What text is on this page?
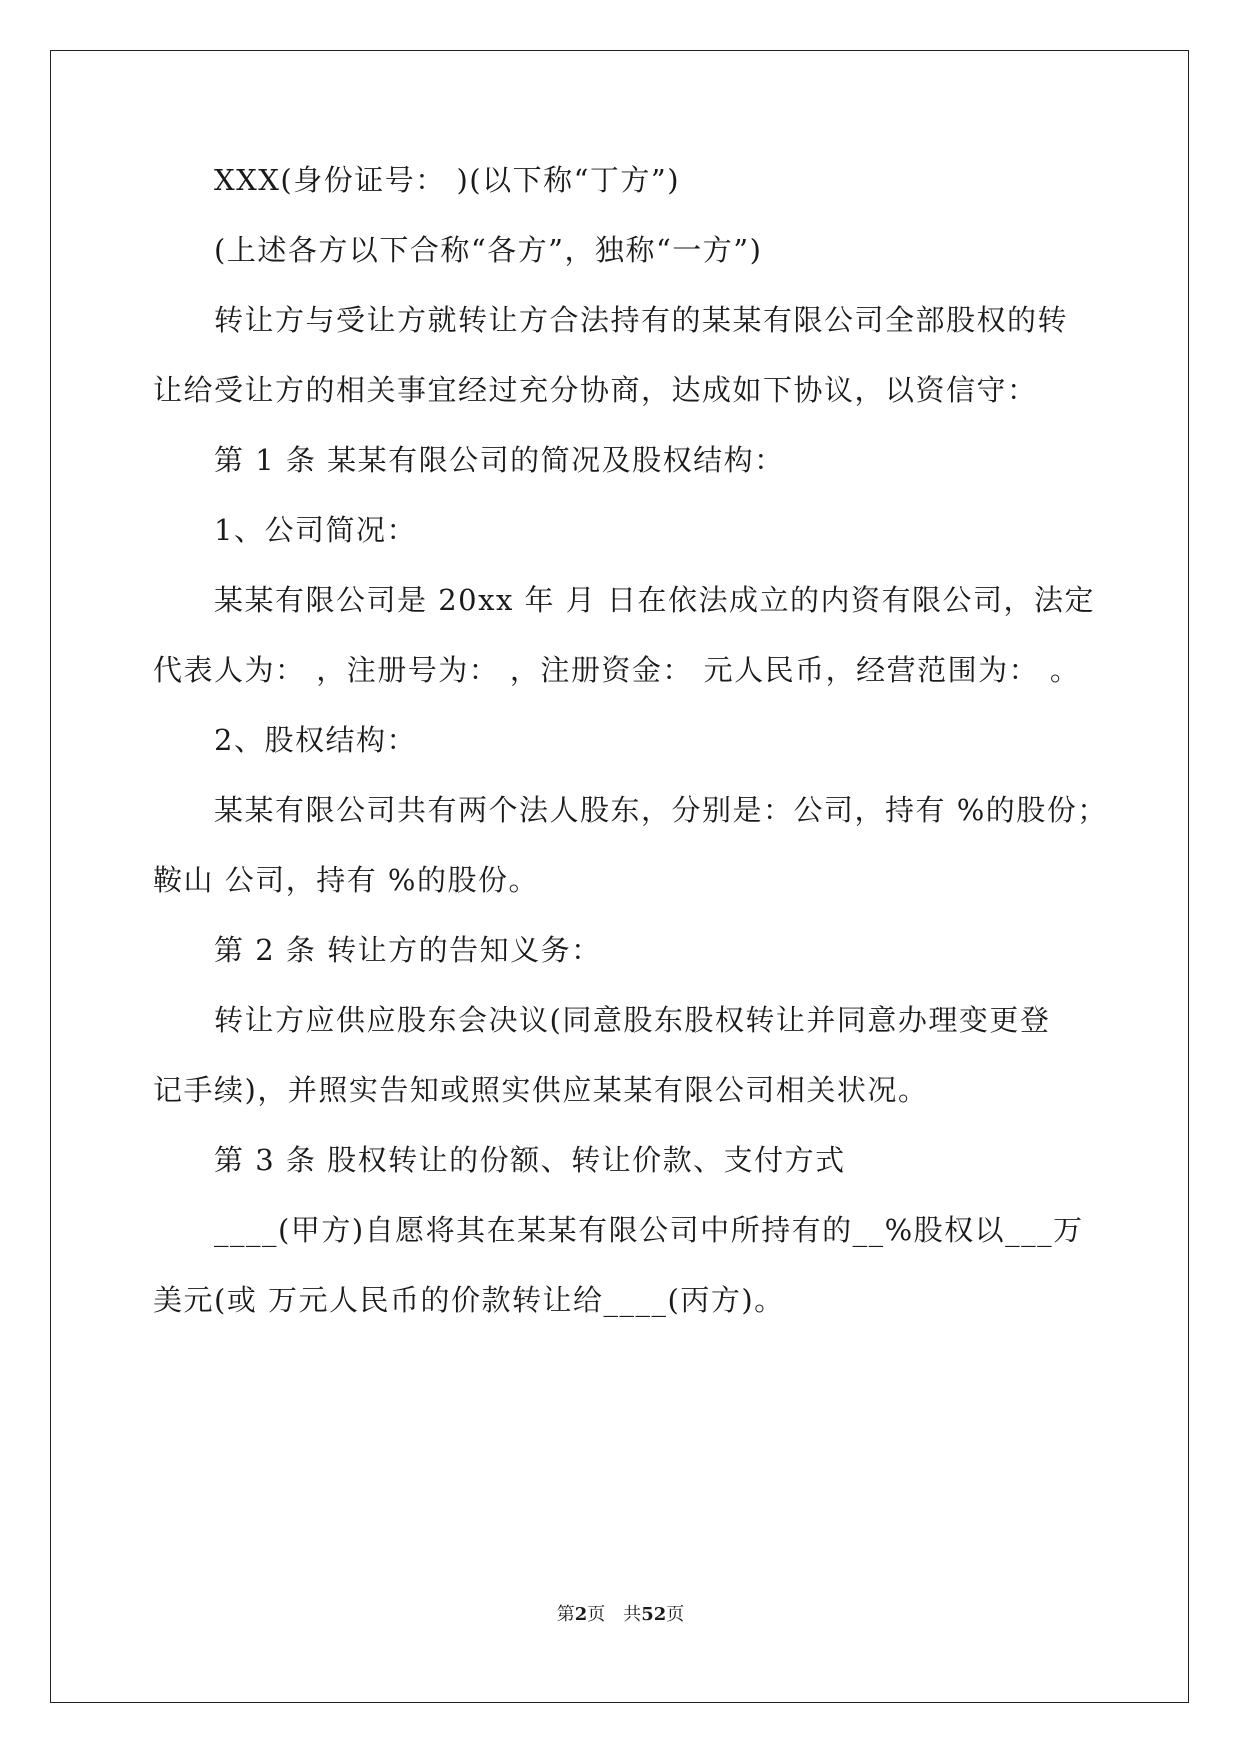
XXX(身份证号： )(以下称“丁方”)
(上述各方以下合称“各方”，独称“一方”)
转让方与受让方就转让方合法持有的某某有限公司全部股权的转
让给受让方的相关事宜经过充分协商，达成如下协议，以资信守：
第 1 条 某某有限公司的简况及股权结构：
1、公司简况：
某某有限公司是 20xx 年 月 日在依法成立的内资有限公司，法定
代表人为： ，注册号为： ，注册资金： 元人民币，经营范围为： 。
2、股权结构：
某某有限公司共有两个法人股东，分别是：公司，持有 %的股份；
鞍山 公司，持有 %的股份。
第 2 条 转让方的告知义务：
转让方应供应股东会决议(同意股东股权转让并同意办理变更登
记手续)，并照实告知或照实供应某某有限公司相关状况。
第 3 条 股权转让的份额、转让价款、支付方式
____(甲方)自愿将其在某某有限公司中所持有的__%股权以___万
美元(或 万元人民币的价款转让给____(丙方)。
第2页　共52页
